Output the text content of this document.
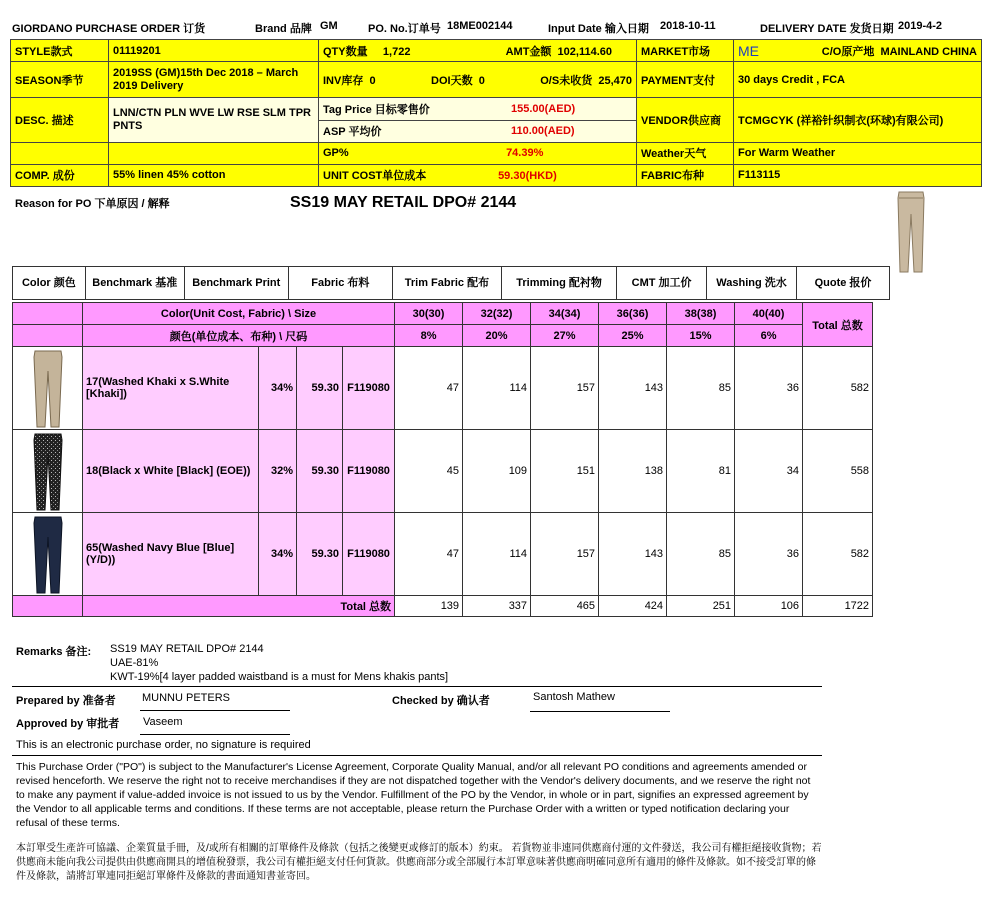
GIORDANO PURCHASE ORDER 订货	Brand 品牌 GM	PO. No.订单号 18ME002144	Input Date 输入日期 2018-10-11	DELIVERY DATE 发货日期 2019-4-2
STYLE款式	01119201	QTY数量 1,722 AMT金额 102,114.60	MARKET市场	ME C/O原产地 MAINLAND CHINA

SEASON季节	2019SS (GM)15th Dec 2018 – March 2019 Delivery	INV库存 0 DOI天数 0 O/S未收货 25,470	PAYMENT支付	30 days Credit , FCA
DESC. 描述	LNN/CTN PLN WVE LW RSE SLM TPR PNTS	Tag Price 目标零售价 155.00(AED)
ASP 平均价 110.00(AED)	VENDOR供应商	TCMGCYK (祥裕针织制衣(环球)有限公司)
		GP% 74.39%	Weather天气	For Warm Weather
COMP. 成份	55% linen 45% cotton	UNIT COST单位成本 59.30(HKD)	FABRIC布种	F113115
Reason for PO 下单原因 / 解释	SS19 MAY RETAIL DPO# 2144
Color 颜色	Benchmark 基准	Benchmark Print	Fabric 布料	Trim Fabric 配布	Trimming 配衬物	CMT 加工价	Washing 洗水	Quote 报价
	Color(Unit Cost, Fabric) \ Size				30(30)	32(32)	34(34)	36(36)	38(38)	40(40)	Total 总数
	颜色(单位成本、布种) \ 尺码				8%	20%	27%	25%	15%	6%	

	17(Washed Khaki x S.White [Khaki])	34%	59.30	F119080	47	114	157	143	85	36	582

	18(Black x White [Black] (EOE))	32%	59.30	F119080	45	109	151	138	81	34	558

	65(Washed Navy Blue [Blue] (Y/D))	34%	59.30	F119080	47	114	157	143	85	36	582
	Total 总数				139	337	465	424	251	106	1722
Remarks 备注: SS19 MAY RETAIL DPO# 2144
UAE-81%
KWT-19%[4 layer padded waistband is a must for Mens khakis pants]
Prepared by 准备者 MUNNU PETERS	Checked by 确认者	Santosh Mathew
Approved by 审批者 Vaseem
This is an electronic purchase order, no signature is required
This Purchase Order ("PO") is subject to the Manufacturer's License Agreement, Corporate Quality Manual, and/or all relevant PO conditions and agreements amended or revised henceforth. We reserve the right not to receive merchandises if they are not dispatched together with the Vendor's delivery documents, and we reserve the right not to make any payment if value-added invoice is not issued to us by the Vendor. Fulfillment of the PO by the Vendor, in whole or in part, signifies an expressed agreement by the Vendor to all applicable terms and conditions. If these terms are not acceptable, please return the Purchase Order with a written or typed notification declaring your refusal of these terms.
本訂單受生產許可協議、企業質量手冊，及/或所有相關的訂單條件及條款（包括之後變更或修訂的版本）約束。 若貨物並非連同供應商付運的文件發送，我公司有權拒絕接收貨物；若供應商未能向我公司提供由供應商開具的增值稅發票，我公司有權拒絕支付任何貨款。供應商部分或全部履行本訂單意味著供應商明確同意所有適用的條件及條款。如不接受訂單的條件及條款，請將訂單連同拒絕訂單條件及條款的書面通知書並寄回。
